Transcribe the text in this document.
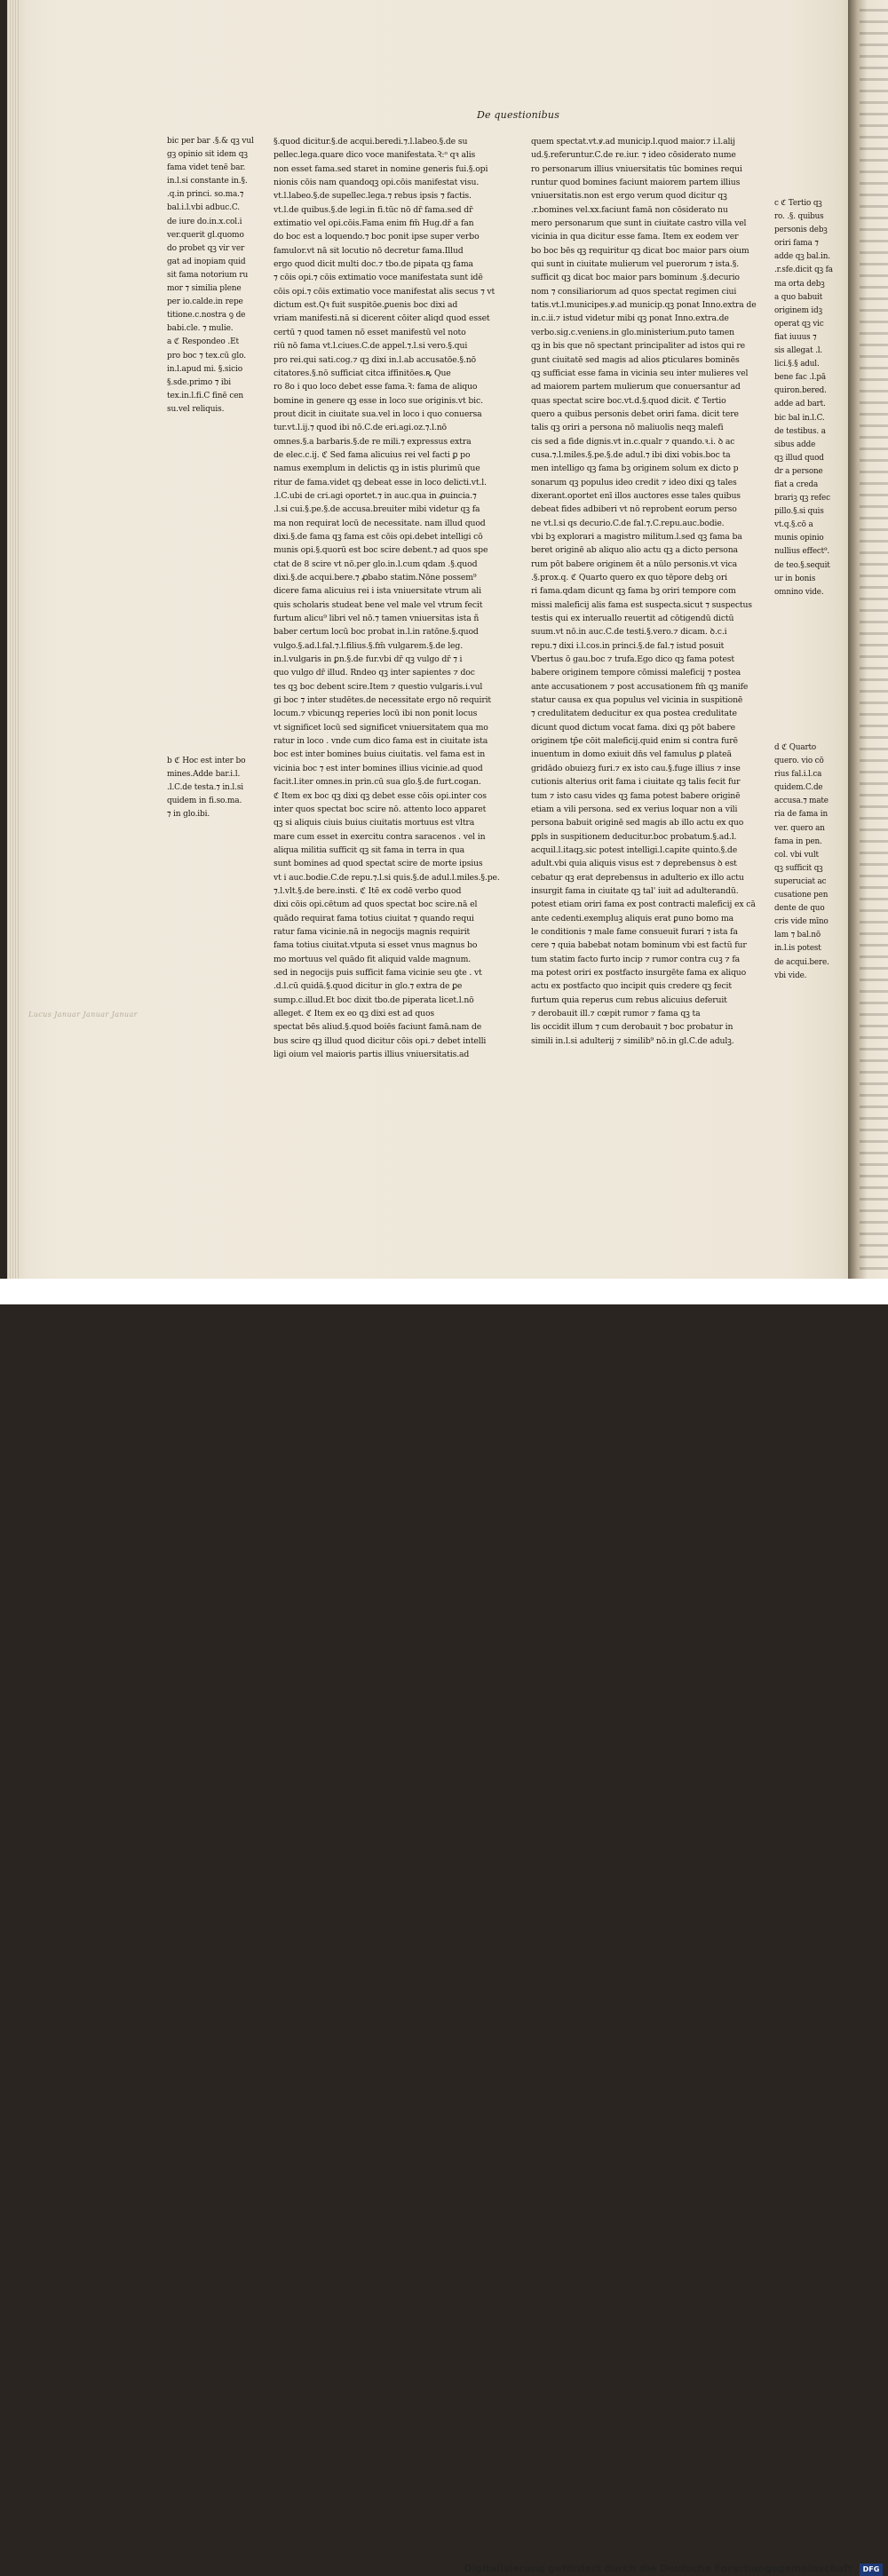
De questionibus
bic per bar .§.& qꝫ vul
gꝫ opinio sit idem qꝫ
fama videt tenē bar.
in.l.si constante in.§.
.q.in princi. so.ma.⁊
bal.i.l.vbi adbuc.C.
de iure do.in.x.col.i
ver.querit gl.quomo
do probet qꝫ vir ver
gat ad inopiam quid
sit fama notorium ru
mor ⁊ similia plene
per io.calde.in repe
titione.c.nostra ꝯ de
babi.cle. ⁊ mulie.
a ℭ Respondeo .Et
pro boc ⁊ tex.cū glo.
in.l.apud mi. §.sicio
§.sde.primo ⁊ ibi
tex.in.l.fi.C finē cen
su.vel reliquis.
b ℭ Hoc est inter bo
mines.Adde bar.i.l.
.l.C.de testa.⁊ in.l.si
quidem in fi.so.ma.
⁊ in glo.ibi.
§.quod dicitur.§.de acqui.beredi.⁊.l.labeo.§.de su
pellec.lega.quare dico voce manifestata.Ꝛ:ᵒ qꝛ alis
non esset fama.sed staret in nomine generis fui.§.opi
nionis cōis nam quandoqꝫ opi.cōis manifestat visu.
vt.l.labeo.§.de supellec.lega.⁊ rebus ipsis ⁊ factis.
vt.l.de quibus.§.de legi.in fi.tūc nō dr̄ fama.sed dr̄
extimatio vel opi.cōis.Fama enim fm̄ Hug.dr̄ a fan
do boc est a loquendo.⁊ boc ponit ipse super verbo
famulor.vt nā sit locutio nō decretur fama.Illud
ergo quod dicit multi doc.⁊ tbo.de pipata qꝫ fama
⁊ cōis opi.⁊ cōis extimatio voce manifestata sunt idē
cōis opi.⁊ cōis extimatio voce manifestat alis secus ⁊ vt
dictum est.Qꝛ fuit suspitōe.ꝑuenis boc dixi ad
vriam manifesti.nā si dicerent cōiter aliqd quod esset
certū ⁊ quod tamen nō esset manifestū vel noto
riū nō fama vt.l.ciues.C.de appel.⁊.l.si vero.§.qui
pro rei.qui sati.cog.⁊ qꝫ dixi in.l.ab accusatōe.§.nō
citatores.§.nō sufficiat citca iffinitōes.ꝶ Que
ro 8o i quo loco debet esse fama.Ꝛ: fama de aliquo
bomine in genere qꝫ esse in loco sue originis.vt bic.
prout dicit in ciuitate sua.vel in loco i quo conuersa
tur.vt.l.ij.⁊ quod ibi nō.C.de eri.agi.oz.⁊.l.nō
omnes.§.a barbaris.§.de re mili.⁊ expressus extra
de elec.c.ij. ℭ Sed fama alicuius rei vel facti ꝑ po
namus exemplum in delictis qꝫ in istis plurimū que
ritur de fama.videt qꝫ debeat esse in loco delicti.vt.l.
.l.C.ubi de cri.agi oportet.⁊ in auc.qua in ꝓuincia.⁊
.l.si cui.§.pe.§.de accusa.breuiter mibi videtur qꝫ fa
ma non requirat locū de necessitate. nam illud quod
dixi.§.de fama qꝫ fama est cōis opi.debet intelligi cō
munis opi.§.quorū est boc scire debent.⁊ ad quos spe
ctat de 8 scire vt nō.per glo.in.l.cum qdam .§.quod
dixi.§.de acqui.bere.⁊ ꝓbabo statim.Nōne possem⁹
dicere fama alicuius rei i ista vniuersitate vtrum ali
quis scholaris studeat bene vel male vel vtrum fecit
furtum alicu⁹ libri vel nō.⁊ tamen vniuersitas ista ñ
baber certum locū boc probat in.l.in ratōne.§.quod
vulgo.§.ad.l.fal.⁊.l.filius.§.fm̄ vulgarem.§.de leg.
in.l.vulgaris in ꝑn.§.de fur.vbi dr̄ qꝫ vulgo dr̄ ⁊ i
quo vulgo dr̄ illud. Rndeo qꝫ inter sapientes ⁊ doc
tes qꝫ boc debent scire.Item ⁊ questio vulgaris.i.vul
gi boc ⁊ inter studētes.de necessitate ergo nō requirit
locum.⁊ vbicunqꝫ reperies locū ibi non ponit locus
vt significet locū sed significet vniuersitatem qua mo
ratur in loco . vnde cum dico fama est in ciuitate ista
boc est inter bomines buius ciuitatis. vel fama est in
vicinia boc ⁊ est inter bomines illius vicinie.ad quod
facit.l.iter omnes.in prin.cū sua glo.§.de furt.cogan.
ℭ Item ex boc qꝫ dixi qꝫ debet esse cōis opi.inter cos
inter quos spectat boc scire nō. attento loco apparet
qꝫ si aliquis ciuis buius ciuitatis mortuus est vltra
mare cum esset in exercitu contra saracenos . vel in
aliqua militia sufficit qꝫ sit fama in terra in qua
sunt bomines ad quod spectat scire de morte ipsius
vt i auc.bodie.C.de repu.⁊.l.si quis.§.de adul.l.miles.§.pe.
⁊.l.vlt.§.de bere.insti. ℭ Itē ex codē verbo quod
dixi cōis opi.cētum ad quos spectat boc scire.nā el
quādo requirat fama totius ciuitat ⁊ quando requi
ratur fama vicinie.nā in negocijs magnis requirit
fama totius ciuitat.vtputa si esset vnus magnus bo
mo mortuus vel quādo fit aliquid valde magnum.
sed in negocijs puis sufficit fama vicinie seu ꝯte . vt
.d.l.cū quidā.§.quod dicitur in glo.⁊ extra de ꝑe
sump.c.illud.Et boc dixit tbo.de piperata licet.l.nō
alleget. ℭ Item ex eo qꝫ dixi est ad quos
spectat bēs aliud.§.quod boiēs faciunt famā.nam de
bus scire qꝫ illud quod dicitur cōis opi.⁊ debet intelli
ligi oium vel maioris partis illius vniuersitatis.ad
quem spectat.vt.ꝟ.ad municip.l.quod maior.⁊ i.l.alij
ud.§.referuntur.C.de re.iur. ⁊ ideo cōsiderato nume
ro personarum illius vniuersitatis tūc bomines requi
runtur quod bomines faciunt maiorem partem illius
vniuersitatis.non est ergo verum quod dicitur qꝫ
.r.bomines vel.xx.faciunt famā non cōsiderato nu
mero personarum que sunt in ciuitate castro villa vel
vicinia in qua dicitur esse fama. Item ex eodem ver
bo boc bēs qꝫ requiritur qꝫ dicat boc maior pars oium
qui sunt in ciuitate mulierum vel puerorum ⁊ ista.§.
sufficit qꝫ dicat boc maior pars bominum .§.decurio
nom ⁊ consiliariorum ad quos spectat regimen ciui
tatis.vt.l.municipes.ꝟ.ad municip.qꝫ ponat Inno.extra de
in.c.ii.⁊ istud videtur mibi qꝫ ponat Inno.extra.de
verbo.sig.c.veniens.in glo.ministerium.puto tamen
qꝫ in bis que nō spectant principaliter ad istos qui re
gunt ciuitatē sed magis ad alios ꝑticulares bominēs
qꝫ sufficiat esse fama in vicinia seu inter mulieres vel
ad maiorem partem mulierum que conuersantur ad
quas spectat scire boc.vt.d.§.quod dicit. ℭ Tertio
quero a quibus personis debet oriri fama. dicit tere
talis qꝫ oriri a persona nō maliuolis neqꝫ malefi
cis sed a fide dignis.vt in.c.qualr ⁊ quando.ꝛ.i. ꝺ ac
cusa.⁊.l.miles.§.pe.§.de adul.⁊ ibi dixi vobis.boc ta
men intelligo qꝫ fama bꝫ originem solum ex dicto p
sonarum qꝫ populus ideo credit ⁊ ideo dixi qꝫ tales
dixerant.oportet enī illos auctores esse tales quibus
debeat fides adbiberi vt nō reprobent eorum perso
ne vt.l.si qs decurio.C.de fal.⁊.C.repu.auc.bodie.
vbi bꝫ explorari a magistro militum.l.sed qꝫ fama ba
beret originē ab aliquo alio actu qꝫ a dicto persona
rum pōt babere originem ēt a nūlo personis.vt vica
.§.prox.q. ℭ Quarto quero ex quo tēpore debꝫ ori
ri fama.qdam dicunt qꝫ fama bꝫ oriri tempore com
missi maleficij alis fama est suspecta.sicut ⁊ suspectus
testis qui ex interuallo reuertit ad cōtigendū dictū
suum.vt nō.in auc.C.de testi.§.vero.⁊ dicam. ꝺ.c.i
repu.⁊ dixi i.l.cos.in princi.§.de fal.⁊ istud posuit
Vbertus ō gau.boc ⁊ trufa.Ego dico qꝫ fama potest
babere originem tempore cōmissi maleficij ⁊ postea
ante accusationem ⁊ post accusationem fm̄ qꝫ manife
statur causa ex qua populus vel vicinia in suspitionē
⁊ credulitatem deducitur ex qua postea credulitate
dicunt quod dictum vocat fama. dixi qꝫ pōt babere
originem tp̄e cōit maleficij.quid enim si contra furē
inuentum in domo exiuit dn̄s vel famulus ꝑ plateā
gridādo obuiezꝫ furi.⁊ ex isto cau.§.fuge illius ⁊ inse
cutionis alterius orit fama i ciuitate qꝫ talis fecit fur
tum ⁊ isto casu vides qꝫ fama potest babere originē
etiam a vili persona. sed ex verius loquar non a vili
persona babuit originē sed magis ab illo actu ex quo
ꝑpls in suspitionem deducitur.boc probatum.§.ad.l.
acquil.l.itaqꝫ.sic potest intelligi.l.capite quinto.§.de
adult.vbi quia aliquis visus est ⁊ deprebensus ꝺ est
cebatur qꝫ erat deprebensus in adulterio ex illo actu
insurgit fama in ciuitate qꝫ tal' iuit ad adulterandū.
potest etiam oriri fama ex post contracti maleficij ex cā
ante cedenti.exempluꝫ aliquis erat ꝑuno bomo ma
le conditionis ⁊ male fame consueuit furari ⁊ ista fa
cere ⁊ quia babebat notam bominum vbi est factū fur
tum statim facto furto incip ⁊ rumor contra cuꝫ ⁊ fa
ma potest oriri ex postfacto insurgēte fama ex aliquo
actu ex postfacto quo incipit quis credere qꝫ fecit
furtum quia reperus cum rebus alicuius deferuit
⁊ derobauit ill.⁊ cœpit rumor ⁊ fama qꝫ ta
lis occidit illum ⁊ cum derobauit ⁊ boc probatur in
simili in.l.si adulterij ⁊ similib⁹ nō.in gl.C.de adulꝫ.
c ℭ Tertio qꝫ
ro. .§. quibus
personis debꝫ
oriri fama ⁊
adde qꝫ bal.in.
.r.sfe.dicit qꝫ fa
ma orta debꝫ
a quo babuit
originem idꝫ
operat qꝫ vic
fiat iuuus ⁊
sis allegat .l.
lici.§.§ adul.
bene fac .l.pā
quiron.bered.
adde ad bart.
bic bal in.l.C.
de testibus. a
sibus adde
qꝫ illud quod
dr a persone
fiat a creda
brariꝫ qꝫ refec
pillo.§.si quis
vt.q.§.cō a
munis opinio
nullius effect⁹.
de teo.§.sequit
ur in bonis
omnino vide.
d ℭ Quarto
quero. vio cō
rius fal.i.l.ca
quidem.C.de
accusa.⁊ mate
ria de fama in
ver. quero an
fama in pen.
col. vbi vult
qꝫ sufficit qꝫ
superuciat ac
cusatione pen
dente de quo
cris vide mīno
lam ⁊ bal.nō
in.l.is potest
de acqui.bere.
vbi vide.
Lucus Januar Januar Januar
Digitalisierung gefördert durch die Deutsche Forschungsgemeinschaft	DFG
